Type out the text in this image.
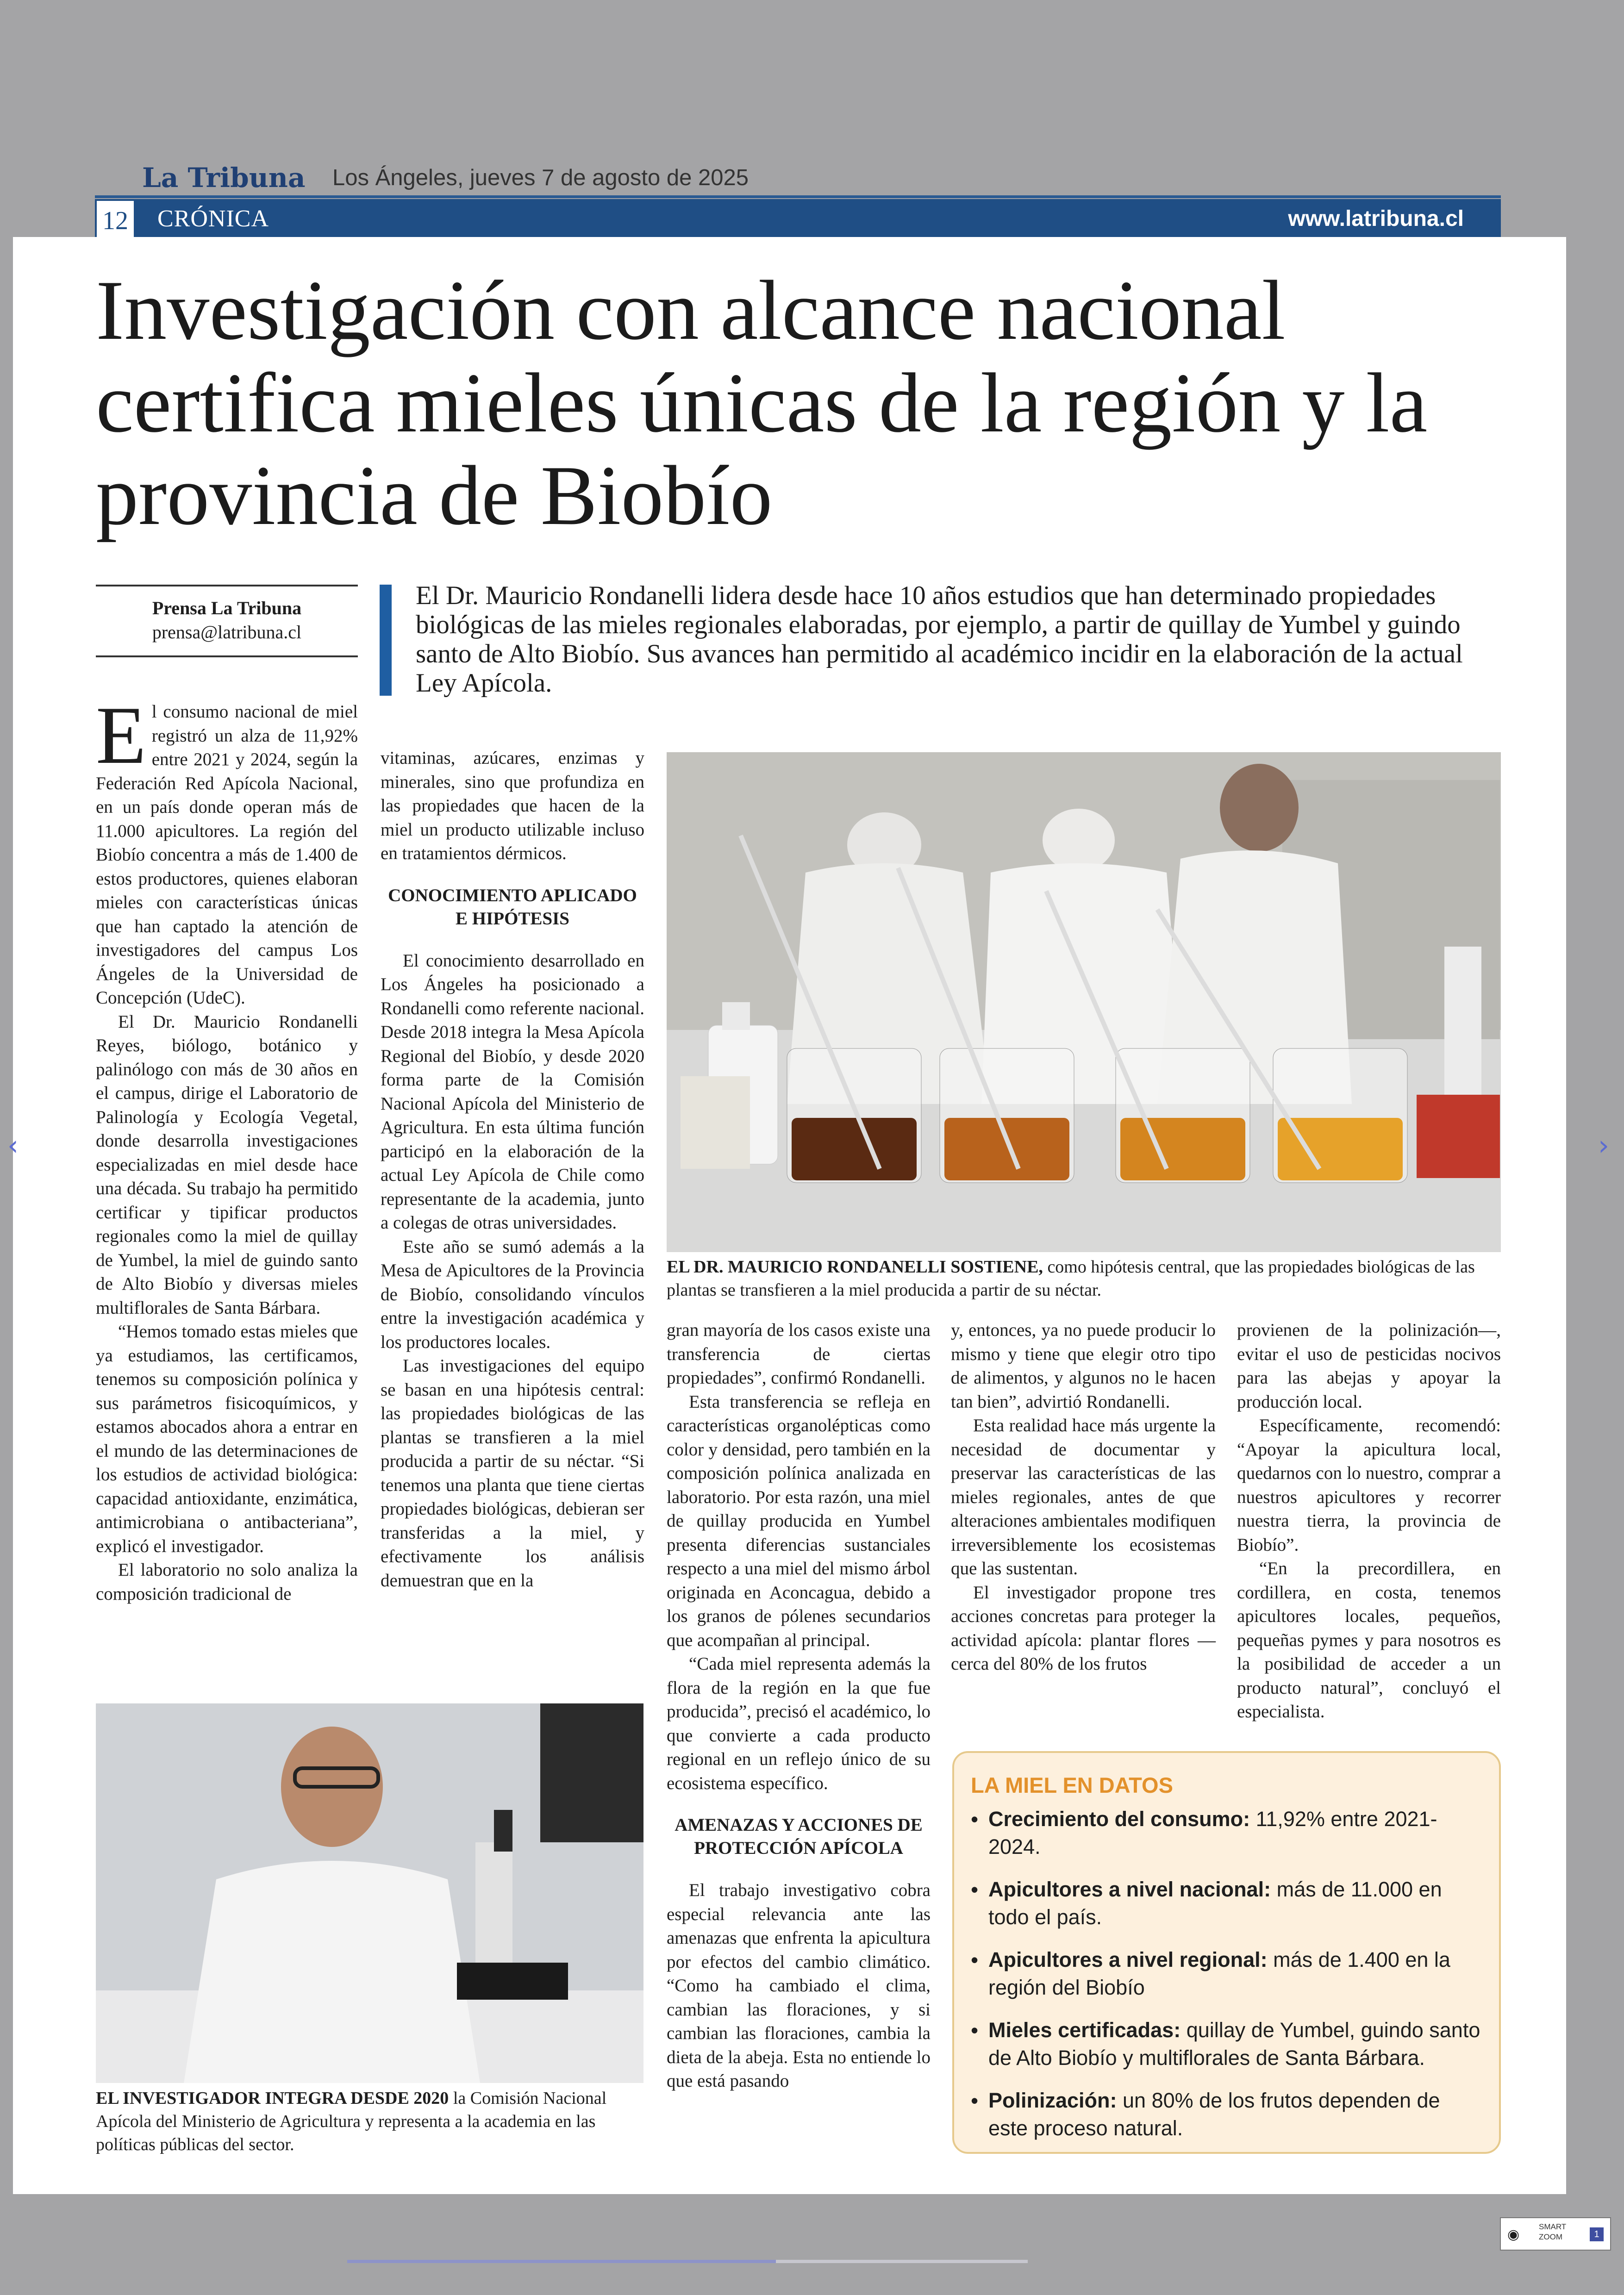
La Tribuna Los Ángeles, jueves 7 de agosto de 2025
12	CRÓNICA	www.latribuna.cl
Investigación con alcance nacional certifica mieles únicas de la región y la provincia de Biobío
Prensa La Tribuna
prensa@latribuna.cl
El Dr. Mauricio Rondanelli lidera desde hace 10 años estudios que han determinado propiedades biológicas de las mieles regionales elaboradas, por ejemplo, a partir de quillay de Yumbel y guindo santo de Alto Biobío. Sus avances han permitido al académico incidir en la elaboración de la actual Ley Apícola.

El consumo nacional de miel registró un alza de 11,92% entre 2021 y 2024, según la Federación Red Apícola Nacional, en un país donde operan más de 11.000 apicultores. La región del Biobío concentra a más de 1.400 de estos productores, quienes elaboran mieles con características únicas que han captado la atención de investigadores del campus Los Ángeles de la Universidad de Concepción (UdeC).

El Dr. Mauricio Rondanelli Reyes, biólogo, botánico y palinólogo con más de 30 años en el campus, dirige el Laboratorio de Palinología y Ecología Vegetal, donde desarrolla investigaciones especializadas en miel desde hace una década. Su trabajo ha permitido certificar y tipificar productos regionales como la miel de quillay de Yumbel, la miel de guindo santo de Alto Biobío y diversas mieles multiflorales de Santa Bárbara.

“Hemos tomado estas mieles que ya estudiamos, las certificamos, tenemos su composición polínica y sus parámetros fisicoquímicos, y estamos abocados ahora a entrar en el mundo de las determinaciones de los estudios de actividad biológica: capacidad antioxidante, enzimática, antimicrobiana o antibacteriana”, explicó el investigador.

El laboratorio no solo analiza la composición tradicional de

vitaminas, azúcares, enzimas y minerales, sino que profundiza en las propiedades que hacen de la miel un producto utilizable incluso en tratamientos dérmicos.

CONOCIMIENTO APLICADO E HIPÓTESIS

El conocimiento desarrollado en Los Ángeles ha posicionado a Rondanelli como referente nacional. Desde 2018 integra la Mesa Apícola Regional del Biobío, y desde 2020 forma parte de la Comisión Nacional Apícola del Ministerio de Agricultura. En esta última función participó en la elaboración de la actual Ley Apícola de Chile como representante de la academia, junto a colegas de otras universidades.

Este año se sumó además a la Mesa de Apicultores de la Provincia de Biobío, consolidando vínculos entre la investigación académica y los productores locales.

Las investigaciones del equipo se basan en una hipótesis central: las propiedades biológicas de las plantas se transfieren a la miel producida a partir de su néctar. “Si tenemos una planta que tiene ciertas propiedades biológicas, debieran ser transferidas a la miel, y efectivamente los análisis demuestran que en la

EL DR. MAURICIO RONDANELLI SOSTIENE, como hipótesis central, que las propiedades biológicas de las plantas se transfieren a la miel producida a partir de su néctar.

gran mayoría de los casos existe una transferencia de ciertas propiedades”, confirmó Rondanelli.

Esta transferencia se refleja en características organolépticas como color y densidad, pero también en la composición polínica analizada en laboratorio. Por esta razón, una miel de quillay producida en Yumbel presenta diferencias sustanciales respecto a una miel del mismo árbol originada en Aconcagua, debido a los granos de pólenes secundarios que acompañan al principal.

“Cada miel representa además la flora de la región en la que fue producida”, precisó el académico, lo que convierte a cada producto regional en un reflejo único de su ecosistema específico.

AMENAZAS Y ACCIONES DE PROTECCIÓN APÍCOLA

El trabajo investigativo cobra especial relevancia ante las amenazas que enfrenta la apicultura por efectos del cambio climático. “Como ha cambiado el clima, cambian las floraciones, y si cambian las floraciones, cambia la dieta de la abeja. Esta no entiende lo que está pasando

y, entonces, ya no puede producir lo mismo y tiene que elegir otro tipo de alimentos, y algunos no le hacen tan bien”, advirtió Rondanelli.

Esta realidad hace más urgente la necesidad de documentar y preservar las características de las mieles regionales, antes de que alteraciones ambientales modifiquen irreversiblemente los ecosistemas que las sustentan.

El investigador propone tres acciones concretas para proteger la actividad apícola: plantar flores —cerca del 80% de los frutos

provienen de la polinización—, evitar el uso de pesticidas nocivos para las abejas y apoyar la producción local.

Específicamente, recomendó: “Apoyar la apicultura local, quedarnos con lo nuestro, comprar a nuestros apicultores y recorrer nuestra tierra, la provincia de Biobío”.

“En la precordillera, en cordillera, en costa, tenemos apicultores locales, pequeños, pequeñas pymes y para nosotros es la posibilidad de acceder a un producto natural”, concluyó el especialista.

EL INVESTIGADOR INTEGRA DESDE 2020 la Comisión Nacional Apícola del Ministerio de Agricultura y representa a la academia en las políticas públicas del sector.
LA MIEL EN DATOS
• Crecimiento del consumo: 11,92% entre 2021-2024.
• Apicultores a nivel nacional: más de 11.000 en todo el país.
• Apicultores a nivel regional: más de 1.400 en la región del Biobío
• Mieles certificadas: quillay de Yumbel, guindo santo de Alto Biobío y multiflorales de Santa Bárbara.
• Polinización: un 80% de los frutos dependen de este proceso natural.
‹	›
◉
SMART
ZOOM	1
